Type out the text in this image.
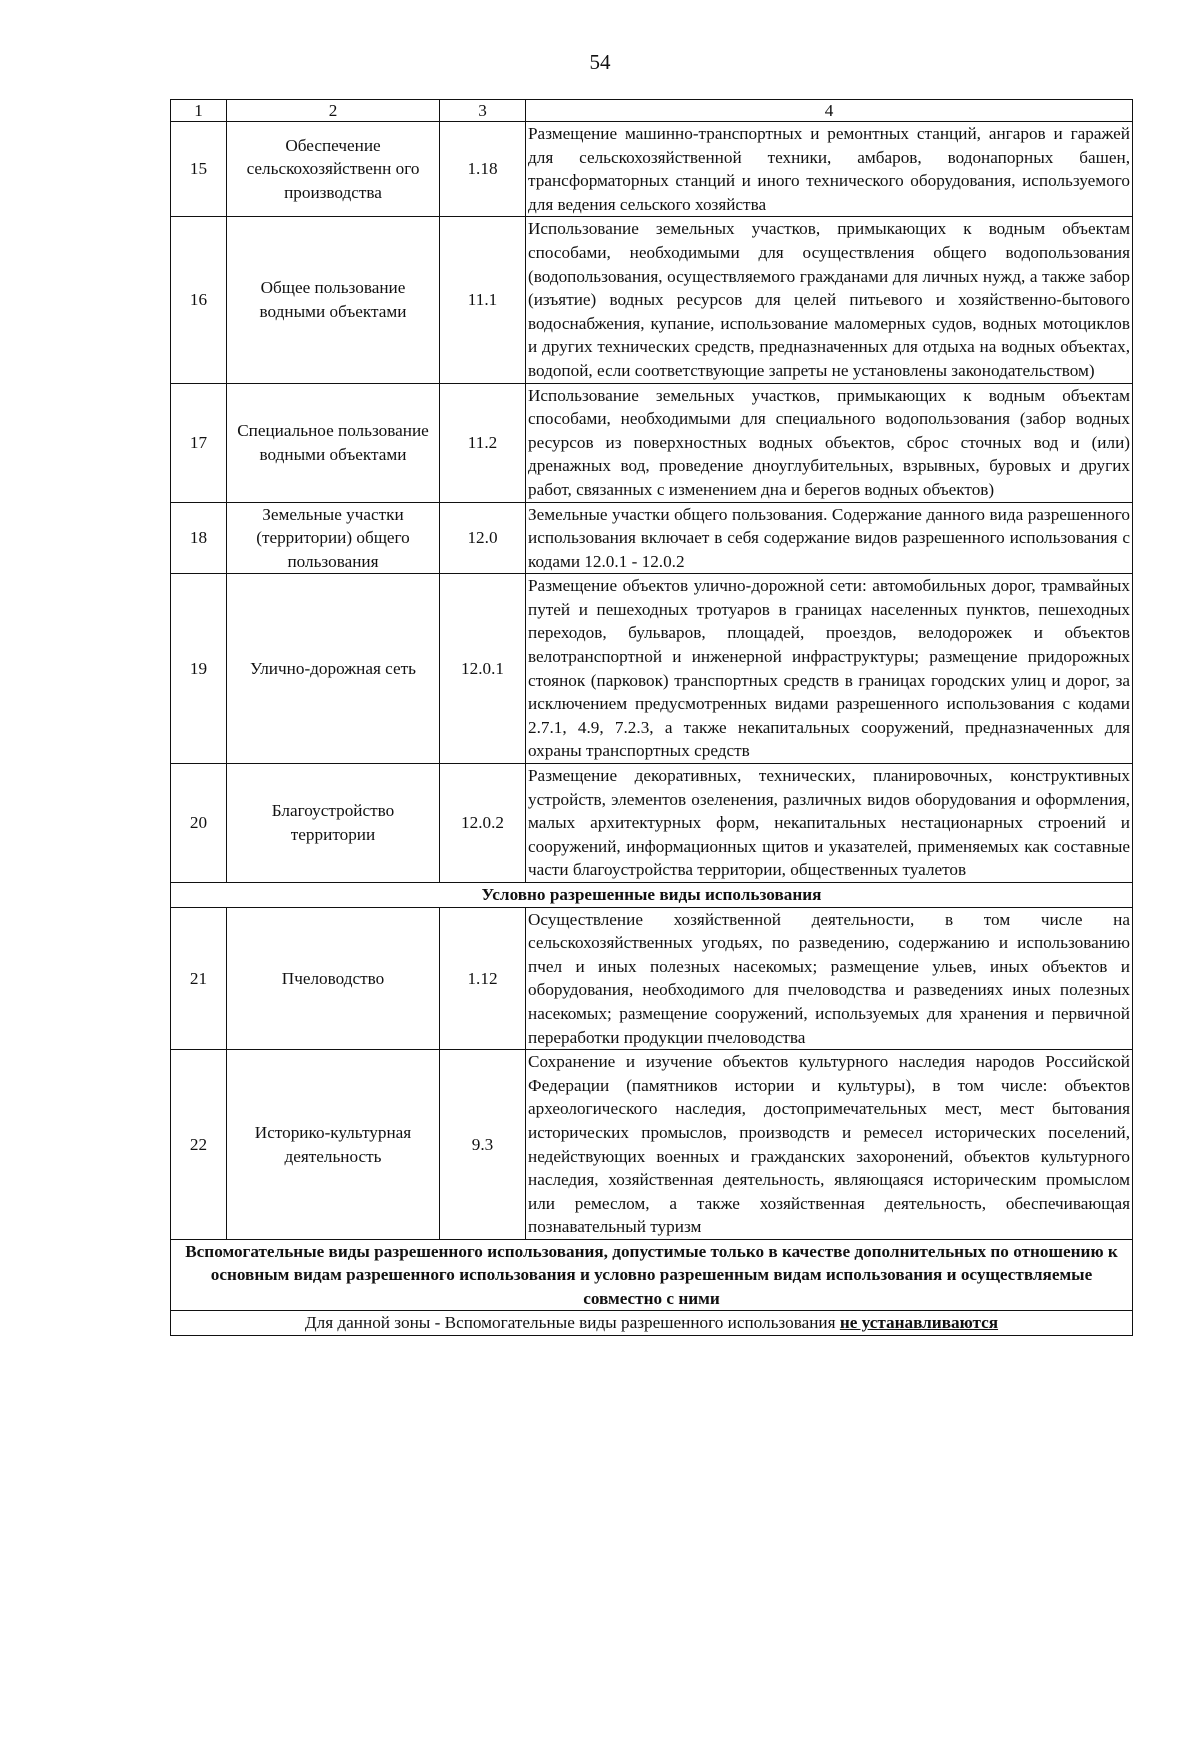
54
1	2	3	4
15	Обеспечение сельскохозяйственн ого производства	1.18	Размещение машинно-транспортных и ремонтных станций, ангаров и гаражей для сельскохозяйственной техники, амбаров, водонапорных башен, трансформаторных станций и иного технического оборудования, используемого для ведения сельского хозяйства
16	Общее пользование водными объектами	11.1	Использование земельных участков, примыкающих к водным объектам способами, необходимыми для осуществления общего водопользования (водопользования, осуществляемого гражданами для личных нужд, а также забор (изъятие) водных ресурсов для целей питьевого и хозяйственно-бытового водоснабжения, купание, использование маломерных судов, водных мотоциклов и других технических средств, предназначенных для отдыха на водных объектах, водопой, если соответствующие запреты не установлены законодательством)
17	Специальное пользование водными объектами	11.2	Использование земельных участков, примыкающих к водным объектам способами, необходимыми для специального водопользования (забор водных ресурсов из поверхностных водных объектов, сброс сточных вод и (или) дренажных вод, проведение дноуглубительных, взрывных, буровых и других работ, связанных с изменением дна и берегов водных объектов)
18	Земельные участки (территории) общего пользования	12.0	Земельные участки общего пользования. Содержание данного вида разрешенного использования включает в себя содержание видов разрешенного использования с кодами 12.0.1 - 12.0.2
19	Улично-дорожная сеть	12.0.1	Размещение объектов улично-дорожной сети: автомобильных дорог, трамвайных путей и пешеходных тротуаров в границах населенных пунктов, пешеходных переходов, бульваров, площадей, проездов, велодорожек и объектов велотранспортной и инженерной инфраструктуры; размещение придорожных стоянок (парковок) транспортных средств в границах городских улиц и дорог, за исключением предусмотренных видами разрешенного использования с кодами 2.7.1, 4.9, 7.2.3, а также некапитальных сооружений, предназначенных для охраны транспортных средств
20	Благоустройство территории	12.0.2	Размещение декоративных, технических, планировочных, конструктивных устройств, элементов озеленения, различных видов оборудования и оформления, малых архитектурных форм, некапитальных нестационарных строений и сооружений, информационных щитов и указателей, применяемых как составные части благоустройства территории, общественных туалетов
Условно разрешенные виды использования			
21	Пчеловодство	1.12	Осуществление хозяйственной деятельности, в том числе на сельскохозяйственных угодьях, по разведению, содержанию и использованию пчел и иных полезных насекомых; размещение ульев, иных объектов и оборудования, необходимого для пчеловодства и разведениях иных полезных насекомых; размещение сооружений, используемых для хранения и первичной переработки продукции пчеловодства
22	Историко-культурная деятельность	9.3	Сохранение и изучение объектов культурного наследия народов Российской Федерации (памятников истории и культуры), в том числе: объектов археологического наследия, достопримечательных мест, мест бытования исторических промыслов, производств и ремесел исторических поселений, недействующих военных и гражданских захоронений, объектов культурного наследия, хозяйственная деятельность, являющаяся историческим промыслом или ремеслом, а также хозяйственная деятельность, обеспечивающая познавательный туризм
Вспомогательные виды разрешенного использования, допустимые только в качестве дополнительных по отношению к основным видам разрешенного использования и условно разрешенным видам использования и осуществляемые совместно с ними			
Для данной зоны - Вспомогательные виды разрешенного использования не устанавливаются			
